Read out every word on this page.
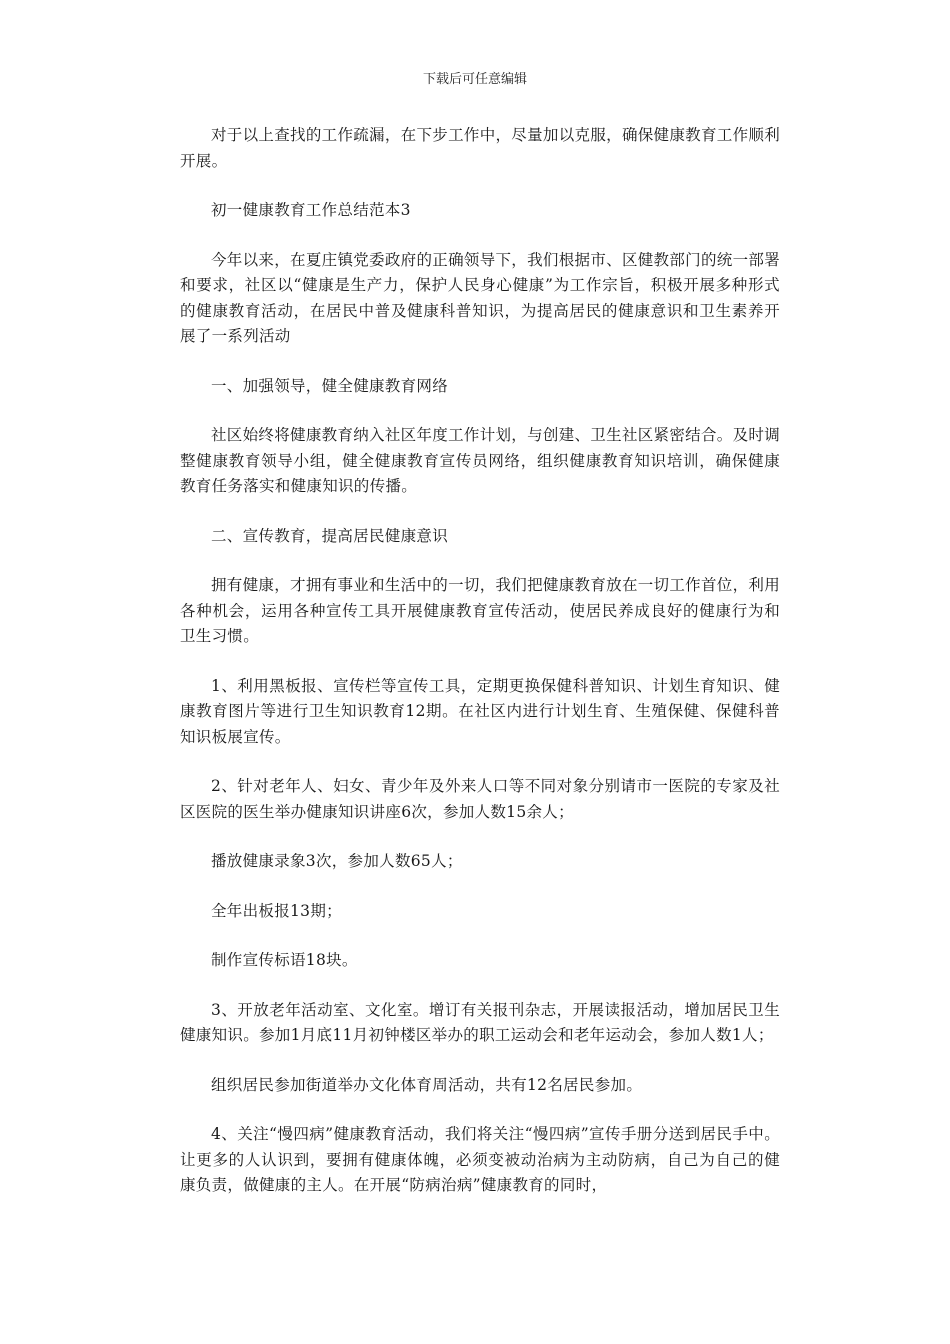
下载后可任意编辑

对于以上查找的工作疏漏，在下步工作中，尽量加以克服，确保健康教育工作顺利开展。

初一健康教育工作总结范本3

今年以来，在夏庄镇党委政府的正确领导下，我们根据市、区健教部门的统一部署和要求，社区以“健康是生产力，保护人民身心健康”为工作宗旨，积极开展多种形式的健康教育活动，在居民中普及健康科普知识，为提高居民的健康意识和卫生素养开展了一系列活动

一、加强领导，健全健康教育网络

社区始终将健康教育纳入社区年度工作计划，与创建、卫生社区紧密结合。及时调整健康教育领导小组，健全健康教育宣传员网络，组织健康教育知识培训，确保健康教育任务落实和健康知识的传播。

二、宣传教育，提高居民健康意识

拥有健康，才拥有事业和生活中的一切，我们把健康教育放在一切工作首位，利用各种机会，运用各种宣传工具开展健康教育宣传活动，使居民养成良好的健康行为和卫生习惯。

1、利用黑板报、宣传栏等宣传工具，定期更换保健科普知识、计划生育知识、健康教育图片等进行卫生知识教育12期。在社区内进行计划生育、生殖保健、保健科普知识板展宣传。

2、针对老年人、妇女、青少年及外来人口等不同对象分别请市一医院的专家及社区医院的医生举办健康知识讲座6次，参加人数15余人；

播放健康录象3次，参加人数65人；

全年出板报13期；

制作宣传标语18块。

3、开放老年活动室、文化室。增订有关报刊杂志，开展读报活动，增加居民卫生健康知识。参加1月底11月初钟楼区举办的职工运动会和老年运动会，参加人数1人；

组织居民参加街道举办文化体育周活动，共有12名居民参加。

4、关注“慢四病”健康教育活动，我们将关注“慢四病”宣传手册分送到居民手中。让更多的人认识到，要拥有健康体魄，必须变被动治病为主动防病，自己为自己的健康负责，做健康的主人。在开展“防病治病”健康教育的同时，
